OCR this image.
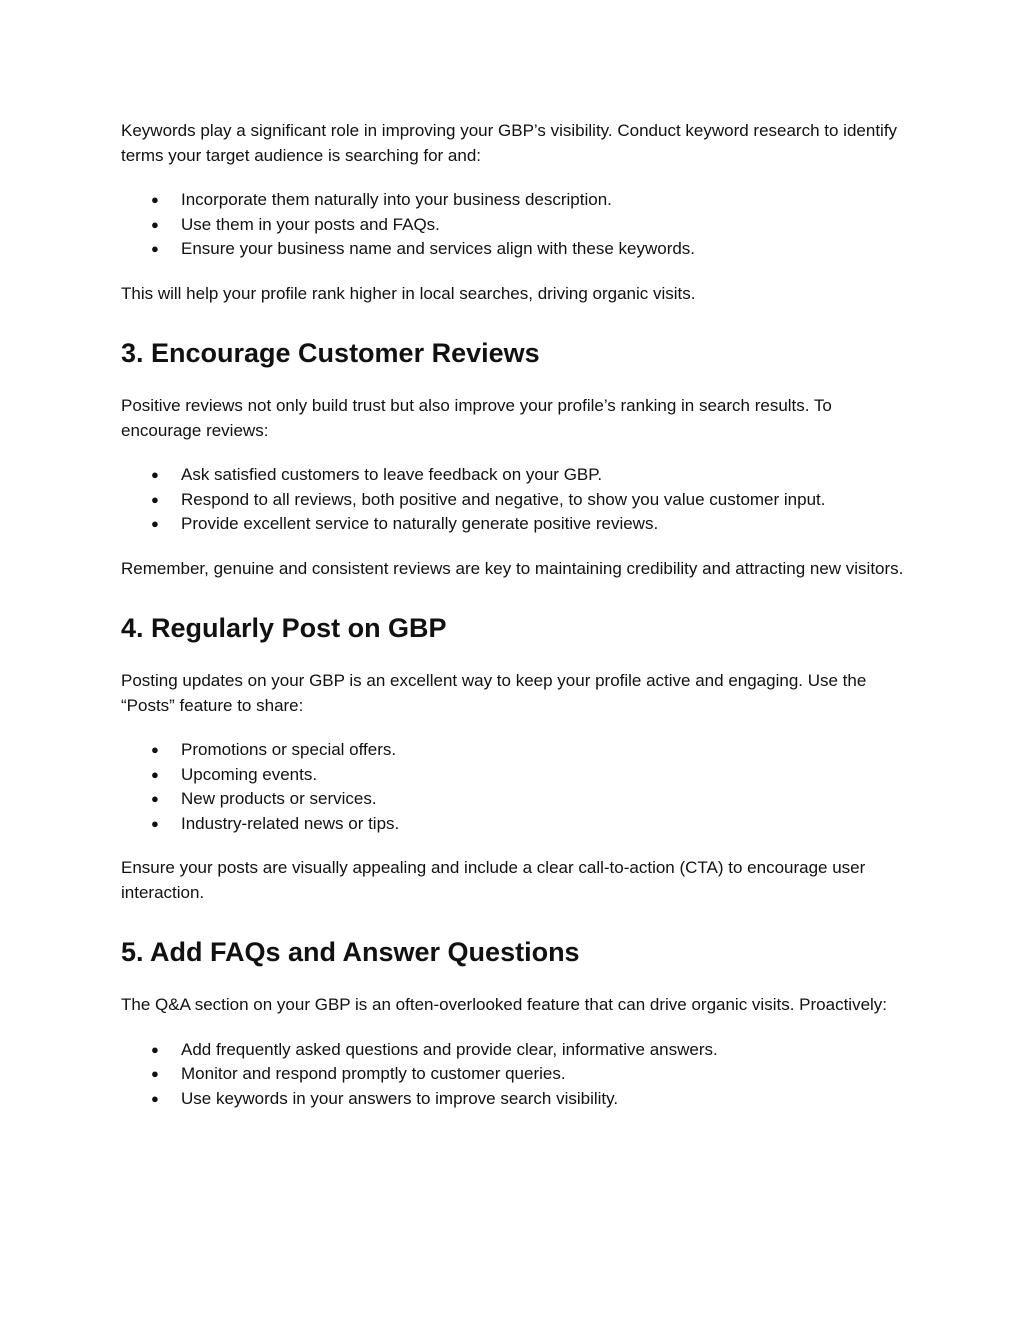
Keywords play a significant role in improving your GBP’s visibility. Conduct keyword research to identify terms your target audience is searching for and:

● Incorporate them naturally into your business description.
● Use them in your posts and FAQs.
● Ensure your business name and services align with these keywords.

This will help your profile rank higher in local searches, driving organic visits.

3. Encourage Customer Reviews

Positive reviews not only build trust but also improve your profile’s ranking in search results. To encourage reviews:

● Ask satisfied customers to leave feedback on your GBP.
● Respond to all reviews, both positive and negative, to show you value customer input.
● Provide excellent service to naturally generate positive reviews.

Remember, genuine and consistent reviews are key to maintaining credibility and attracting new visitors.

4. Regularly Post on GBP

Posting updates on your GBP is an excellent way to keep your profile active and engaging. Use the “Posts” feature to share:

● Promotions or special offers.
● Upcoming events.
● New products or services.
● Industry-related news or tips.

Ensure your posts are visually appealing and include a clear call-to-action (CTA) to encourage user interaction.

5. Add FAQs and Answer Questions

The Q&A section on your GBP is an often-overlooked feature that can drive organic visits. Proactively:

● Add frequently asked questions and provide clear, informative answers.
● Monitor and respond promptly to customer queries.
● Use keywords in your answers to improve search visibility.
